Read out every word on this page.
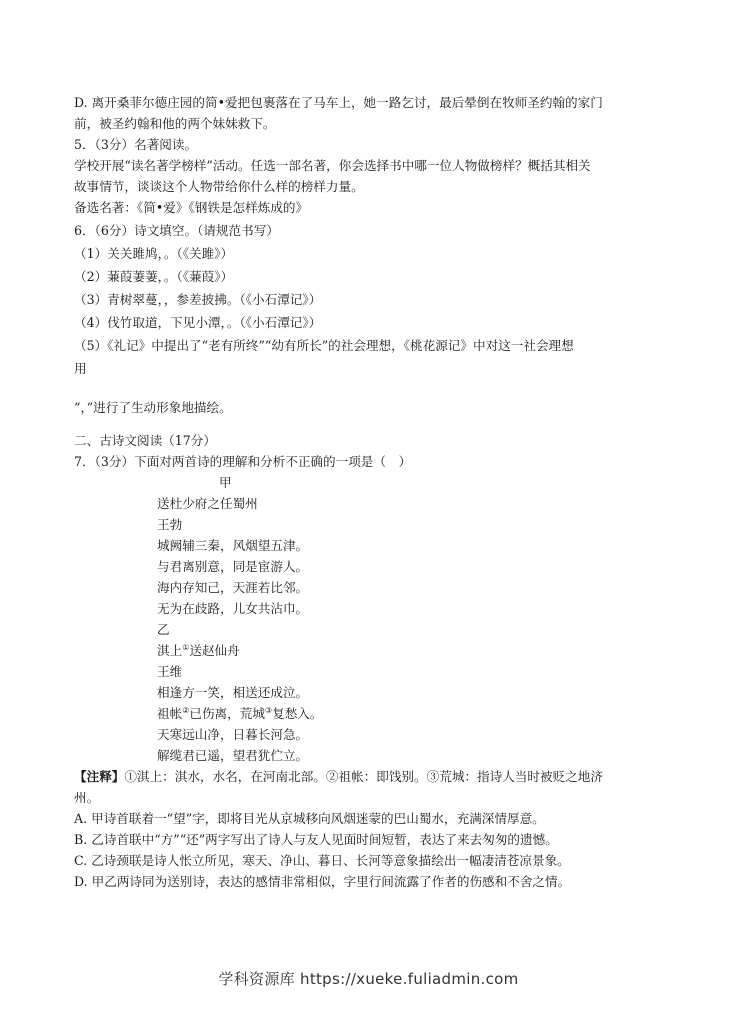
D. 离开桑菲尔德庄园的简•爱把包裹落在了马车上，她一路乞讨，最后晕倒在牧师圣约翰的家门

前，被圣约翰和他的两个妹妹救下。

5．（3分）名著阅读。

学校开展“读名著学榜样”活动。任选一部名著，你会选择书中哪一位人物做榜样？概括其相关

故事情节，谈谈这个人物带给你什么样的榜样力量。

备选名著：《简•爱》《钢铁是怎样炼成的》

6．（6分）诗文填空。（请规范书写）

（1）关关雎鸠，。（《关雎》）

（2）蒹葭萋萋，。（《蒹葭》）

（3）青树翠蔓，，参差披拂。（《小石潭记》）

（4）伐竹取道，下见小潭，。（《小石潭记》）

（5）《礼记》中提出了“老有所终”“幼有所长”的社会理想，《桃花源记》中对这一社会理想

用

“，”进行了生动形象地描绘。

二、古诗文阅读（17分）

7．（3分）下面对两首诗的理解和分析不正确的一项是（　）

甲

送杜少府之任蜀州

王勃

城阙辅三秦，风烟望五津。

与君离别意，同是宦游人。

海内存知己，天涯若比邻。

无为在歧路，儿女共沾巾。

乙

淇上①送赵仙舟

王维

相逢方一笑，相送还成泣。

祖帐②已伤离，荒城③复愁入。

天寒远山净，日暮长河急。

解缆君已遥，望君犹伫立。

【注释】①淇上：淇水，水名，在河南北部。②祖帐：即饯别。③荒城：指诗人当时被贬之地济

州。

A. 甲诗首联着一“望”字，即将目光从京城移向风烟迷蒙的巴山蜀水，充满深情厚意。

B. 乙诗首联中“方”“还”两字写出了诗人与友人见面时间短暂，表达了来去匆匆的遗憾。

C. 乙诗颈联是诗人怅立所见，寒天、净山、暮日、长河等意象描绘出一幅凄清苍凉景象。

D. 甲乙两诗同为送别诗，表达的感情非常相似，字里行间流露了作者的伤感和不舍之情。

学科资源库 https://xueke.fuliadmin.com
